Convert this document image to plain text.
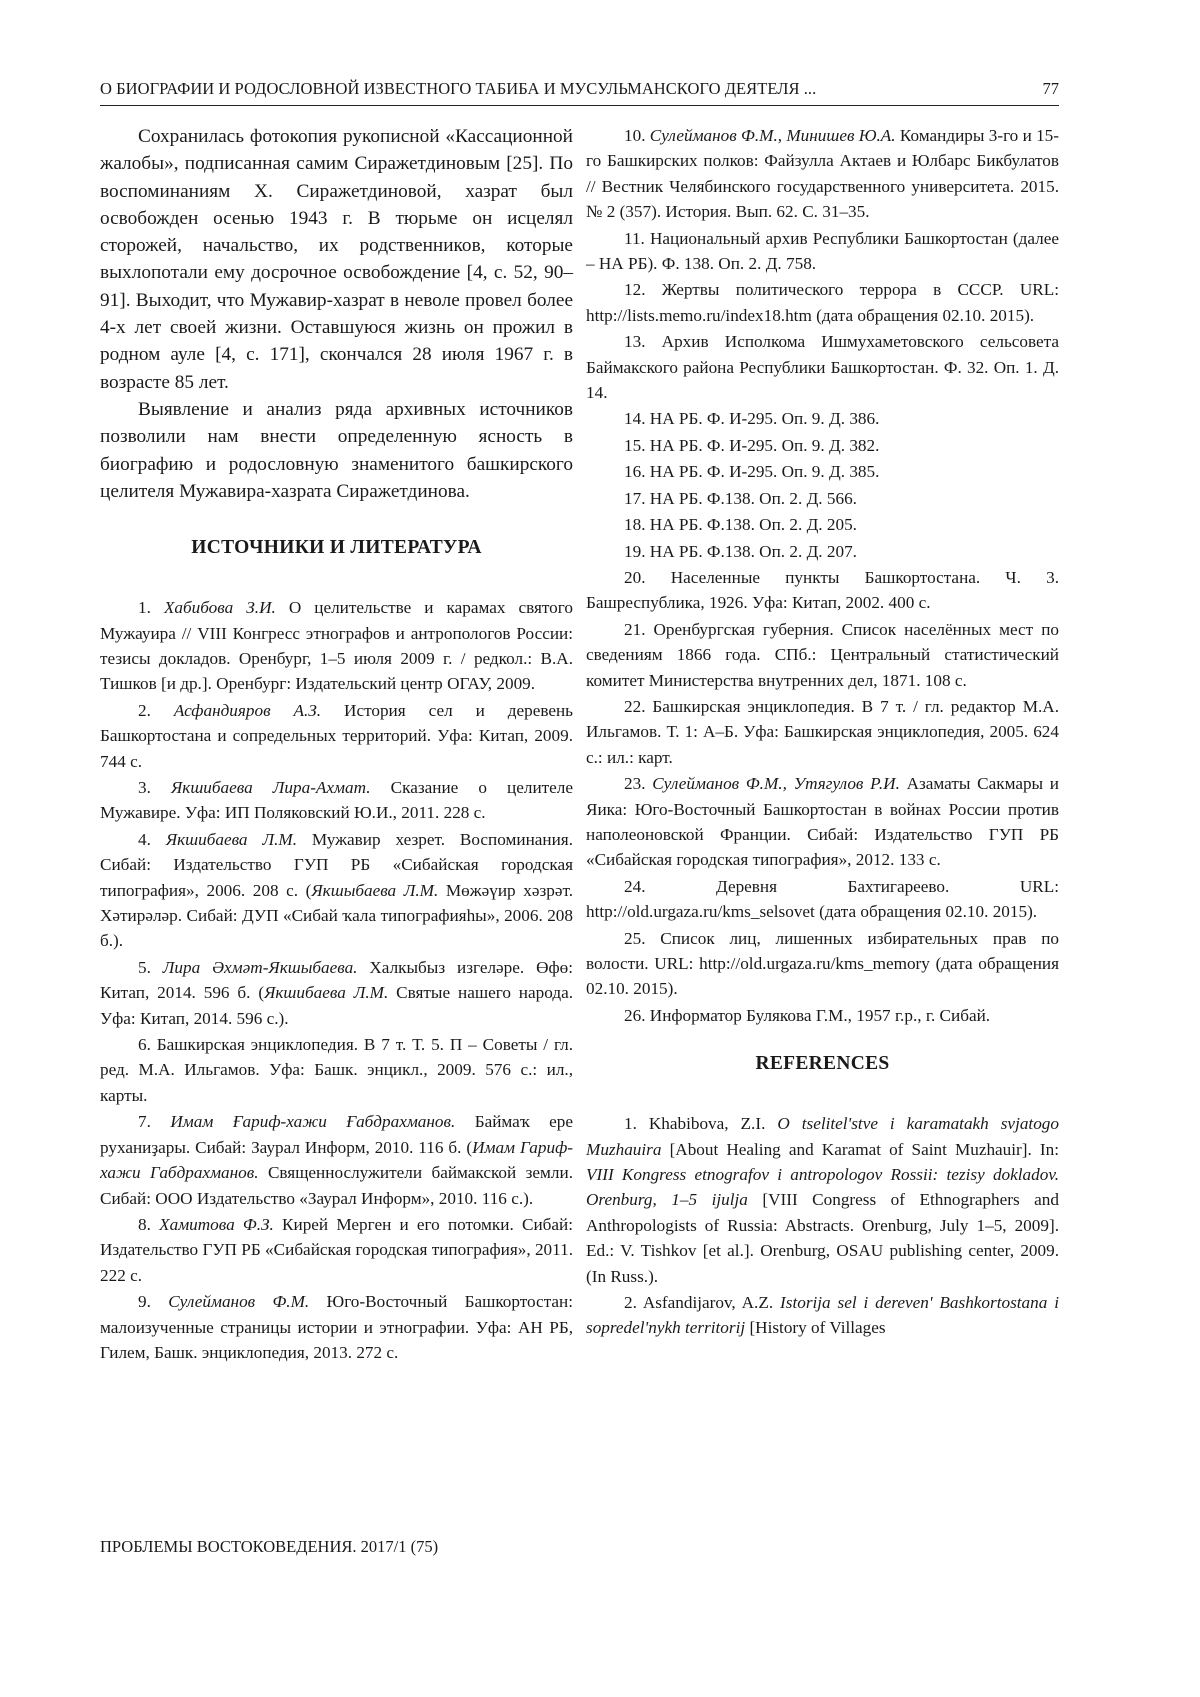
О БИОГРАФИИ И РОДОСЛОВНОЙ ИЗВЕСТНОГО ТАБИБА И МУСУЛЬМАНСКОГО ДЕЯТЕЛЯ ...	77

Сохранилась фотокопия рукописной «Кассационной жалобы», подписанная самим Сиражетдиновым [25]. По воспоминаниям Х. Сиражетдиновой, хазрат был освобожден осенью 1943 г. В тюрьме он исцелял сторожей, начальство, их родственников, которые выхлопотали ему досрочное освобождение [4, с. 52, 90–91]. Выходит, что Мужавир-хазрат в неволе провел более 4-х лет своей жизни. Оставшуюся жизнь он прожил в родном ауле [4, с. 171], скончался 28 июля 1967 г. в возрасте 85 лет.

Выявление и анализ ряда архивных источников позволили нам внести определенную ясность в биографию и родословную знаменитого башкирского целителя Мужавира-хазрата Сиражетдинова.

ИСТОЧНИКИ И ЛИТЕРАТУРА

1. Хабибова З.И. О целительстве и карамах святого Мужауира // VIII Конгресс этнографов и антропологов России: тезисы докладов. Оренбург, 1–5 июля 2009 г. / редкол.: В.А. Тишков [и др.]. Оренбург: Издательский центр ОГАУ, 2009.

2. Асфандияров А.З. История сел и деревень Башкортостана и сопредельных территорий. Уфа: Китап, 2009. 744 с.

3. Якшибаева Лира-Ахмат. Сказание о целителе Мужавире. Уфа: ИП Поляковский Ю.И., 2011. 228 с.

4. Якшибаева Л.М. Мужавир хезрет. Воспоминания. Сибай: Издательство ГУП РБ «Сибайская городская типография», 2006. 208 с. (Якшыбаева Л.М. Мөжәүир хәзрәт. Хәтирәләр. Сибай: ДУП «Сибай ҡала типографияһы», 2006. 208 б.).

5. Лира Әхмәт-Якшыбаева. Халкыбыз изгеләре. Өфө: Китап, 2014. 596 б. (Якшибаева Л.М. Святые нашего народа. Уфа: Китап, 2014. 596 с.).

6. Башкирская энциклопедия. В 7 т. Т. 5. П – Советы / гл. ред. М.А. Ильгамов. Уфа: Башк. энцикл., 2009. 576 с.: ил., карты.

7. Имам Ғариф-хажи Ғабдрахманов. Баймаҡ ере руханиҙары. Сибай: Заурал Информ, 2010. 116 б. (Имам Гариф-хажи Габдрахманов. Священнослужители баймакской земли. Сибай: ООО Издательство «Заурал Информ», 2010. 116 с.).

8. Хамитова Ф.З. Кирей Мерген и его потомки. Сибай: Издательство ГУП РБ «Сибайская городская типография», 2011. 222 с.

9. Сулейманов Ф.М. Юго-Восточный Башкортостан: малоизученные страницы истории и этнографии. Уфа: АН РБ, Гилем, Башк. энциклопедия, 2013. 272 с.

10. Сулейманов Ф.М., Минишев Ю.А. Командиры 3-го и 15-го Башкирских полков: Файзулла Актаев и Юлбарс Бикбулатов // Вестник Челябинского государственного университета. 2015. № 2 (357). История. Вып. 62. С. 31–35.

11. Национальный архив Республики Башкортостан (далее – НА РБ). Ф. 138. Оп. 2. Д. 758.

12. Жертвы политического террора в СССР. URL: http://lists.memo.ru/index18.htm (дата обращения 02.10. 2015).

13. Архив Исполкома Ишмухаметовского сельсовета Баймакского района Республики Башкортостан. Ф. 32. Оп. 1. Д. 14.

14. НА РБ. Ф. И-295. Оп. 9. Д. 386.

15. НА РБ. Ф. И-295. Оп. 9. Д. 382.

16. НА РБ. Ф. И-295. Оп. 9. Д. 385.

17. НА РБ. Ф.138. Оп. 2. Д. 566.

18. НА РБ. Ф.138. Оп. 2. Д. 205.

19. НА РБ. Ф.138. Оп. 2. Д. 207.

20. Населенные пункты Башкортостана. Ч. 3. Башреспублика, 1926. Уфа: Китап, 2002. 400 с.

21. Оренбургская губерния. Список населённых мест по сведениям 1866 года. СПб.: Центральный статистический комитет Министерства внутренних дел, 1871. 108 с.

22. Башкирская энциклопедия. В 7 т. / гл. редактор М.А. Ильгамов. Т. 1: А–Б. Уфа: Башкирская энциклопедия, 2005. 624 с.: ил.: карт.

23. Сулейманов Ф.М., Утягулов Р.И. Азаматы Сакмары и Яика: Юго-Восточный Башкортостан в войнах России против наполеоновской Франции. Сибай: Издательство ГУП РБ «Сибайская городская типография», 2012. 133 с.

24. Деревня Бахтигареево. URL: http://old.urgaza.ru/kms_selsovet (дата обращения 02.10. 2015).

25. Список лиц, лишенных избирательных прав по волости. URL: http://old.urgaza.ru/kms_memory (дата обращения 02.10. 2015).

26. Информатор Булякова Г.М., 1957 г.р., г. Сибай.

REFERENCES

1. Khabibova, Z.I. O tselitel'stve i karamatakh svjatogo Muzhauira [About Healing and Karamat of Saint Muzhauir]. In: VIII Kongress etnografov i antropologov Rossii: tezisy dokladov. Orenburg, 1–5 ijulja [VIII Congress of Ethnographers and Anthropologists of Russia: Abstracts. Orenburg, July 1–5, 2009]. Ed.: V. Tishkov [et al.]. Orenburg, OSAU publishing center, 2009. (In Russ.).

2. Asfandijarov, A.Z. Istorija sel i dereven' Bashkortostana i sopredel'nykh territorij [History of Villages

ПРОБЛЕМЫ ВОСТОКОВЕДЕНИЯ. 2017/1 (75)
